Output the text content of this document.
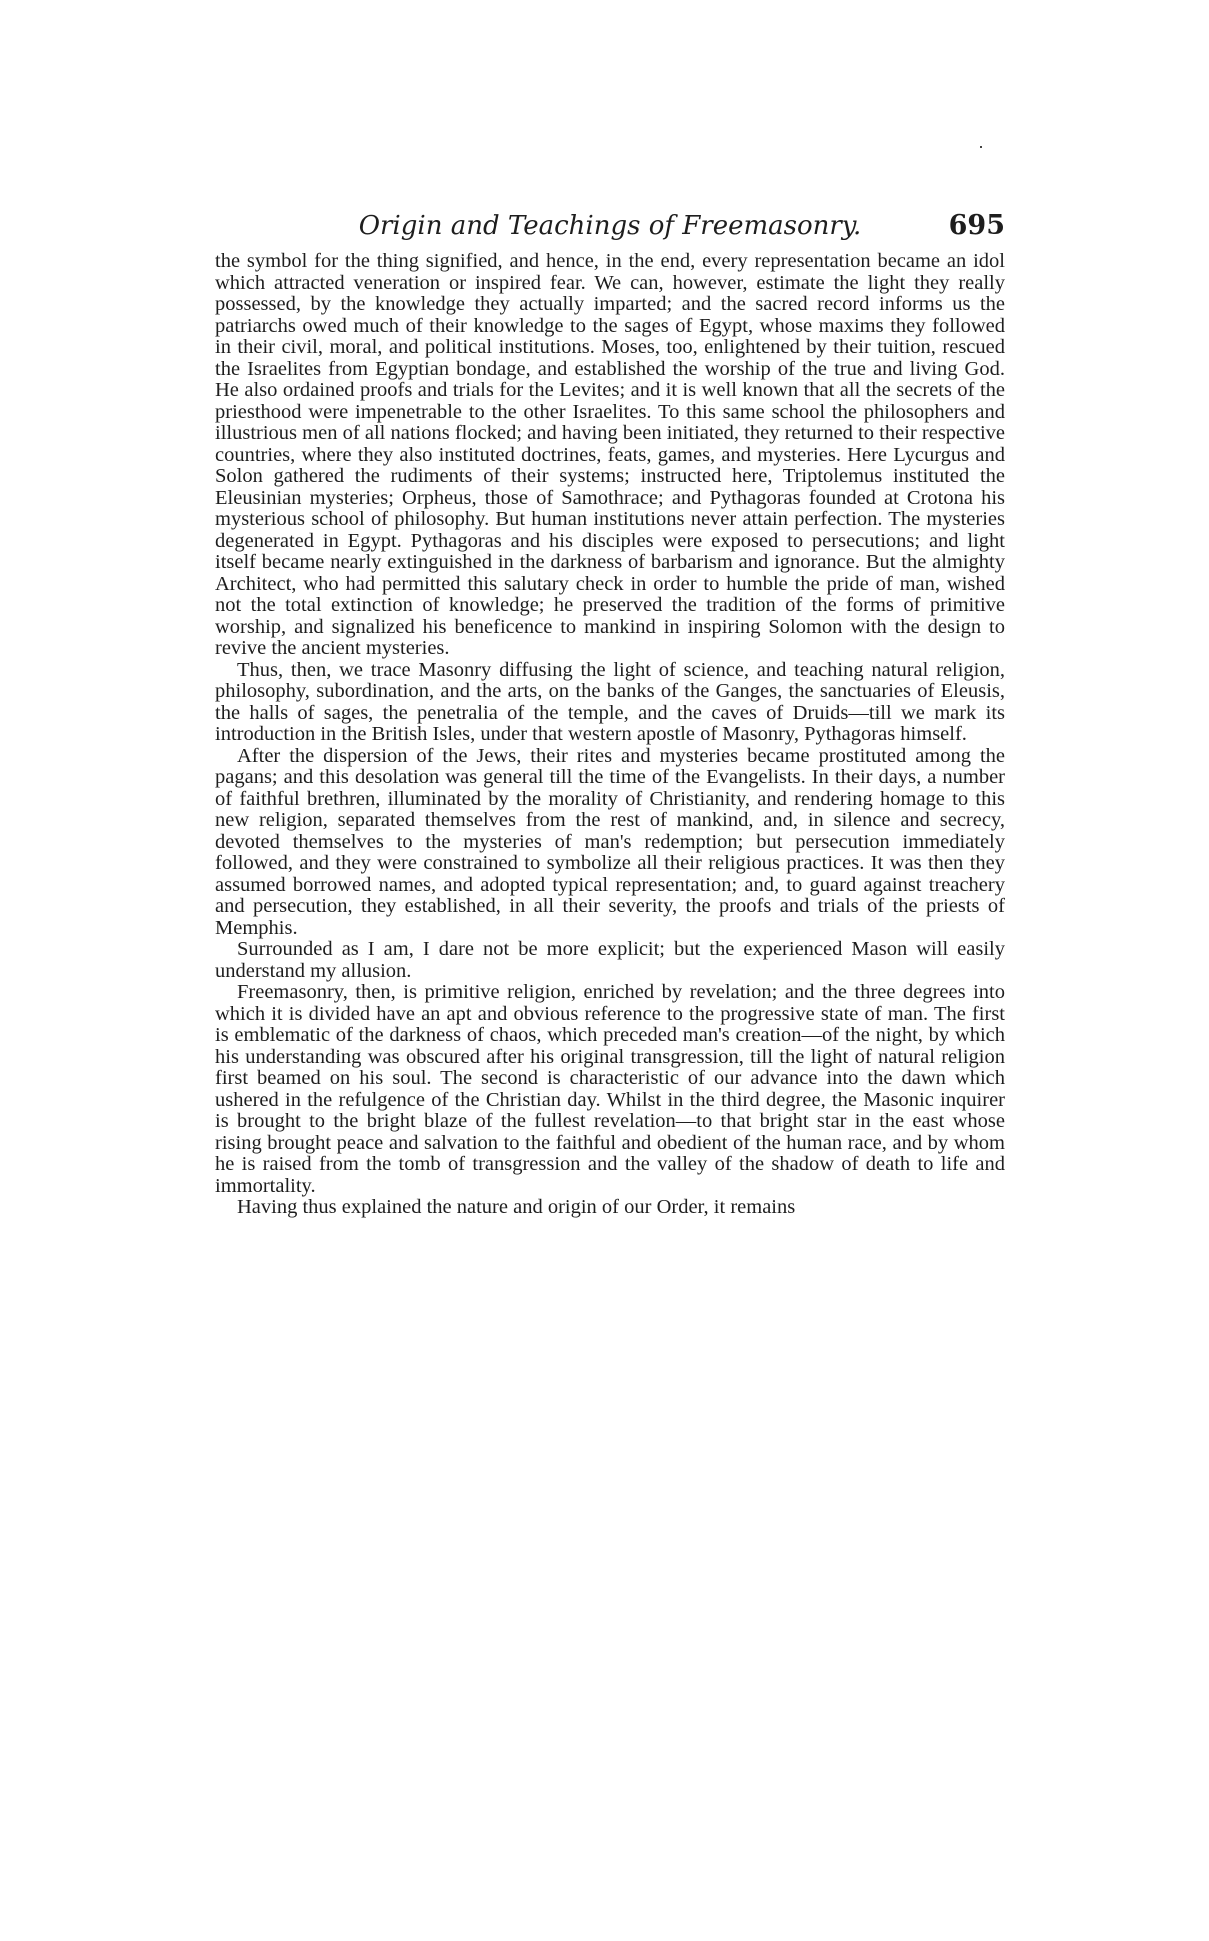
Origin and Teachings of Freemasonry.	695

the symbol for the thing signified, and hence, in the end, every representation became an idol which attracted veneration or inspired fear. We can, however, estimate the light they really possessed, by the knowledge they actually imparted; and the sacred record informs us the patriarchs owed much of their knowledge to the sages of Egypt, whose maxims they followed in their civil, moral, and political institutions. Moses, too, enlightened by their tuition, rescued the Israelites from Egyptian bondage, and established the worship of the true and living God. He also ordained proofs and trials for the Levites; and it is well known that all the secrets of the priesthood were impenetrable to the other Israelites. To this same school the philosophers and illustrious men of all nations flocked; and having been initiated, they returned to their respective countries, where they also instituted doctrines, feats, games, and mysteries. Here Lycurgus and Solon gathered the rudiments of their systems; instructed here, Triptolemus instituted the Eleusinian mysteries; Orpheus, those of Samothrace; and Pythagoras founded at Crotona his mysterious school of philosophy. But human institutions never attain perfection. The mysteries degenerated in Egypt. Pythagoras and his disciples were exposed to persecutions; and light itself became nearly extinguished in the darkness of barbarism and ignorance. But the almighty Architect, who had permitted this salutary check in order to humble the pride of man, wished not the total extinction of knowledge; he preserved the tradition of the forms of primitive worship, and signalized his beneficence to mankind in inspiring Solomon with the design to revive the ancient mysteries.

Thus, then, we trace Masonry diffusing the light of science, and teaching natural religion, philosophy, subordination, and the arts, on the banks of the Ganges, the sanctuaries of Eleusis, the halls of sages, the penetralia of the temple, and the caves of Druids—till we mark its introduction in the British Isles, under that western apostle of Masonry, Pythagoras himself.

After the dispersion of the Jews, their rites and mysteries became prostituted among the pagans; and this desolation was general till the time of the Evangelists. In their days, a number of faithful brethren, illuminated by the morality of Christianity, and rendering homage to this new religion, separated themselves from the rest of mankind, and, in silence and secrecy, devoted themselves to the mysteries of man's redemption; but persecution immediately followed, and they were constrained to symbolize all their religious practices. It was then they assumed borrowed names, and adopted typical representation; and, to guard against treachery and persecution, they established, in all their severity, the proofs and trials of the priests of Memphis.

Surrounded as I am, I dare not be more explicit; but the experienced Mason will easily understand my allusion.

Freemasonry, then, is primitive religion, enriched by revelation; and the three degrees into which it is divided have an apt and obvious reference to the progressive state of man. The first is emblematic of the darkness of chaos, which preceded man's creation—of the night, by which his understanding was obscured after his original transgression, till the light of natural religion first beamed on his soul. The second is characteristic of our advance into the dawn which ushered in the refulgence of the Christian day. Whilst in the third degree, the Masonic inquirer is brought to the bright blaze of the fullest revelation—to that bright star in the east whose rising brought peace and salvation to the faithful and obedient of the human race, and by whom he is raised from the tomb of transgression and the valley of the shadow of death to life and immortality.

Having thus explained the nature and origin of our Order, it remains
